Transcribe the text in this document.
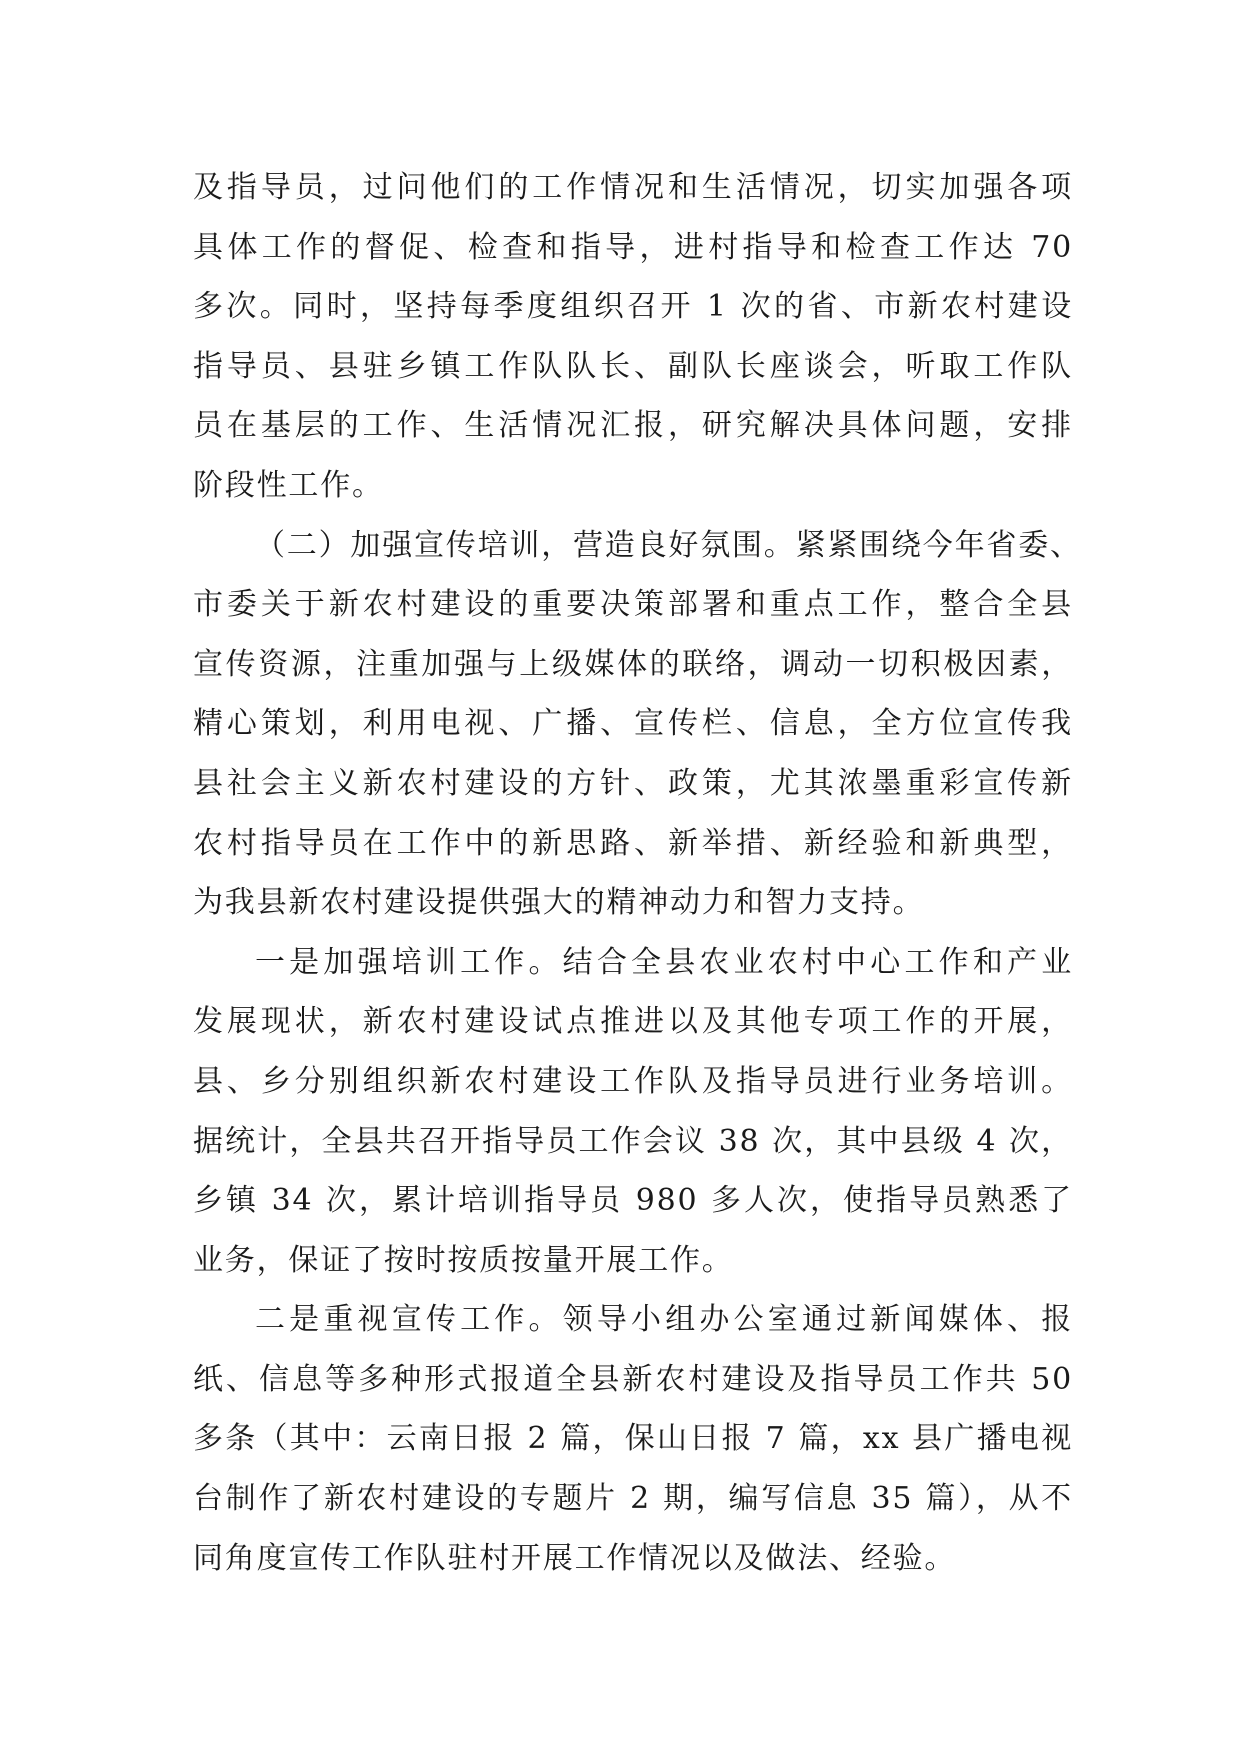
及指导员，过问他们的工作情况和生活情况，切实加强各项
具体工作的督促、检查和指导，进村指导和检查工作达 70
多次。同时，坚持每季度组织召开 1 次的省、市新农村建设
指导员、县驻乡镇工作队队长、副队长座谈会，听取工作队
员在基层的工作、生活情况汇报，研究解决具体问题，安排
阶段性工作。
（二）加强宣传培训，营造良好氛围。紧紧围绕今年省委、
市委关于新农村建设的重要决策部署和重点工作，整合全县
宣传资源，注重加强与上级媒体的联络，调动一切积极因素，
精心策划，利用电视、广播、宣传栏、信息，全方位宣传我
县社会主义新农村建设的方针、政策，尤其浓墨重彩宣传新
农村指导员在工作中的新思路、新举措、新经验和新典型，
为我县新农村建设提供强大的精神动力和智力支持。
一是加强培训工作。结合全县农业农村中心工作和产业
发展现状，新农村建设试点推进以及其他专项工作的开展，
县、乡分别组织新农村建设工作队及指导员进行业务培训。
据统计，全县共召开指导员工作会议 38 次，其中县级 4 次，
乡镇 34 次，累计培训指导员 980 多人次，使指导员熟悉了
业务，保证了按时按质按量开展工作。
二是重视宣传工作。领导小组办公室通过新闻媒体、报
纸、信息等多种形式报道全县新农村建设及指导员工作共 50
多条（其中：云南日报 2 篇，保山日报 7 篇，xx 县广播电视
台制作了新农村建设的专题片 2 期，编写信息 35 篇），从不
同角度宣传工作队驻村开展工作情况以及做法、经验。
